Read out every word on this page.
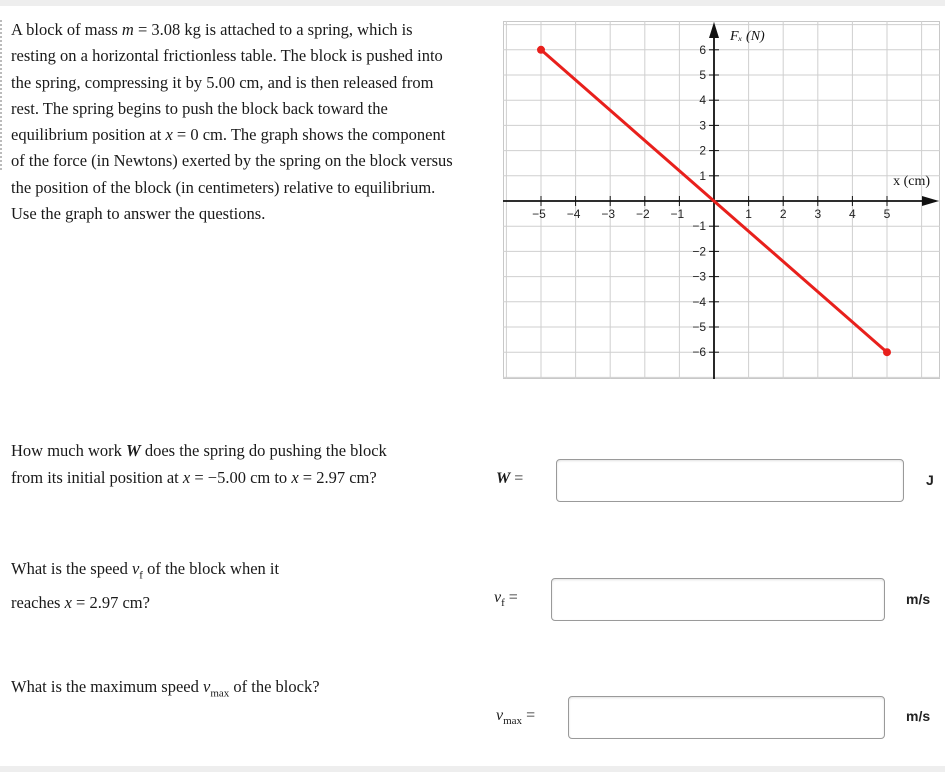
A block of mass m = 3.08 kg is attached to a spring, which is resting on a horizontal frictionless table. The block is pushed into the spring, compressing it by 5.00 cm, and is then released from rest. The spring begins to push the block back toward the equilibrium position at x = 0 cm. The graph shows the component of the force (in Newtons) exerted by the spring on the block versus the position of the block (in centimeters) relative to equilibrium. Use the graph to answer the questions.	−5 −4 −3 −2 −1	1 2 3 4 5
−6
−5
−4
−3
−2
−1
1
2
3
4
5
6
Fₓ (N)
x (cm)
How much work W does the spring do pushing the block
from its initial position at x = −5.00 cm to x = 2.97 cm?	W =	J
What is the speed $v_f$ of the block when it
reaches x = 2.97 cm?	$v_f$ =	m/s
What is the maximum speed $v_{max}$ of the block?
$v_{max}$ =	m/s
